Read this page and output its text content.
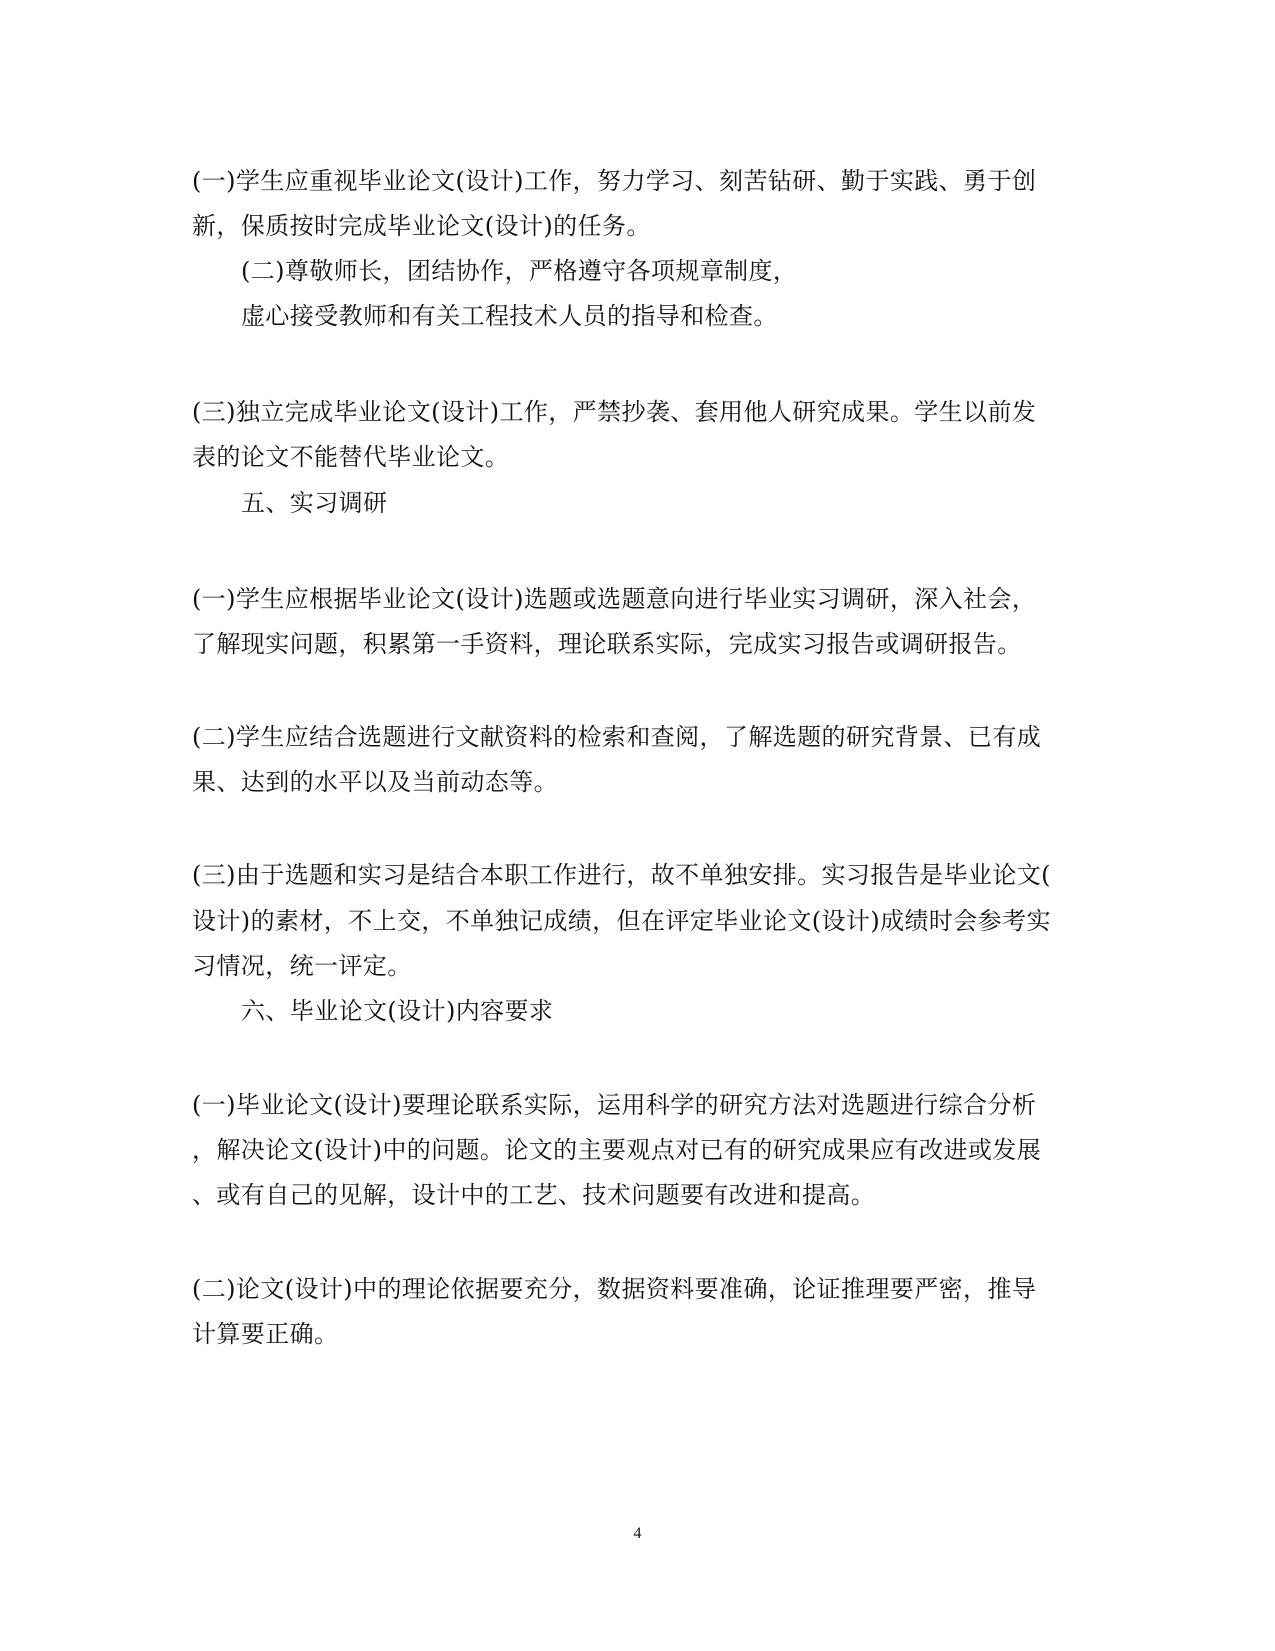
(一)学生应重视毕业论文(设计)工作，努力学习、刻苦钻研、勤于实践、勇于创
新，保质按时完成毕业论文(设计)的任务。
(二)尊敬师长，团结协作，严格遵守各项规章制度，
虚心接受教师和有关工程技术人员的指导和检查。
(三)独立完成毕业论文(设计)工作，严禁抄袭、套用他人研究成果。学生以前发
表的论文不能替代毕业论文。
五、实习调研
(一)学生应根据毕业论文(设计)选题或选题意向进行毕业实习调研，深入社会，
了解现实问题，积累第一手资料，理论联系实际，完成实习报告或调研报告。
(二)学生应结合选题进行文献资料的检索和查阅，了解选题的研究背景、已有成
果、达到的水平以及当前动态等。
(三)由于选题和实习是结合本职工作进行，故不单独安排。实习报告是毕业论文(
设计)的素材，不上交，不单独记成绩，但在评定毕业论文(设计)成绩时会参考实
习情况，统一评定。
六、毕业论文(设计)内容要求
(一)毕业论文(设计)要理论联系实际，运用科学的研究方法对选题进行综合分析
，解决论文(设计)中的问题。论文的主要观点对已有的研究成果应有改进或发展
、或有自己的见解，设计中的工艺、技术问题要有改进和提高。
(二)论文(设计)中的理论依据要充分，数据资料要准确，论证推理要严密，推导
计算要正确。
4
